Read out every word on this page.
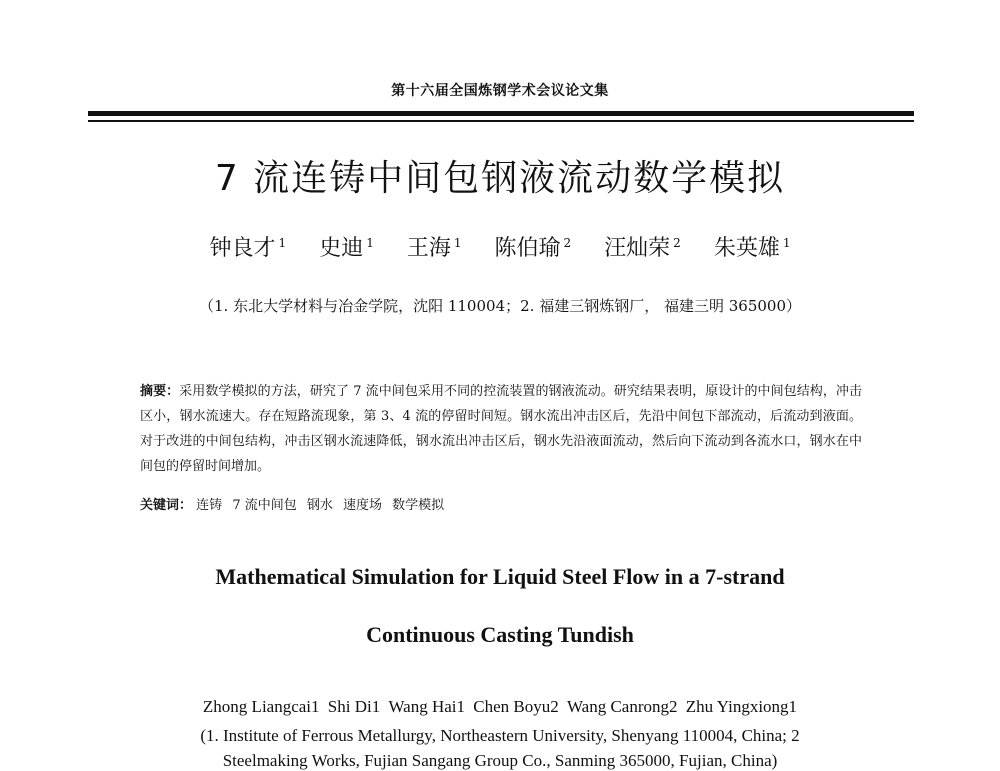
第十六届全国炼钢学术会议论文集
7 流连铸中间包钢液流动数学模拟
钟良才 $^1$ 史迪 $^1$ 王海 $^1$ 陈伯瑜 $^2$ 汪灿荣 $^2$ 朱英雄 $^1$
（1. 东北大学材料与冶金学院，沈阳 110004；2. 福建三钢炼钢厂， 福建三明 365000）
摘要：采用数学模拟的方法，研究了 7 流中间包采用不同的控流装置的钢液流动。研究结果表明，原设计的中间包结构，冲击区小，钢水流速大。存在短路流现象，第 3、4 流的停留时间短。钢水流出冲击区后，先沿中间包下部流动，后流动到液面。对于改进的中间包结构，冲击区钢水流速降低，钢水流出冲击区后，钢水先沿液面流动，然后向下流动到各流水口，钢水在中间包的停留时间增加。
关键词： 连铸 7 流中间包 钢水 速度场 数学模拟
Mathematical Simulation for Liquid Steel Flow in a 7-strand
Continuous Casting Tundish
Zhong Liangcai1 Shi Di1 Wang Hai1 Chen Boyu2 Wang Canrong2 Zhu Yingxiong1
(1. Institute of Ferrous Metallurgy, Northeastern University, Shenyang 110004, China; 2
Steelmaking Works, Fujian Sangang Group Co., Sanming 365000, Fujian, China)
